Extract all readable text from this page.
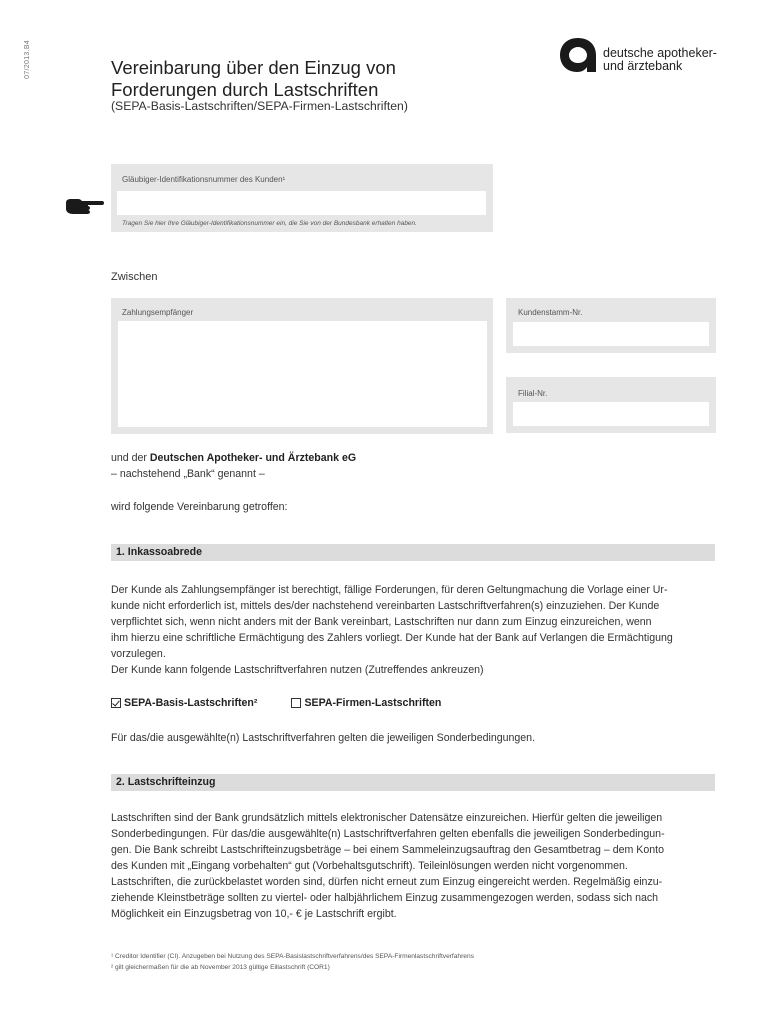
07/2013.B4	Vereinbarung über den Einzug von
Forderungen durch Lastschriften
(SEPA-Basis-Lastschriften/SEPA-Firmen-Lastschriften)
deutsche apotheker-
und ärztebank
Gläubiger-Identifikationsnummer des Kunden¹
Tragen Sie hier Ihre Gläubiger-Identifikationsnummer ein, die Sie von der Bundesbank erhalten haben.
Zwischen
Zahlungsempfänger	Kundenstamm-Nr.
Filial-Nr.
und der Deutschen Apotheker- und Ärztebank eG
– nachstehend „Bank“ genannt –
wird folgende Vereinbarung getroffen:
1. Inkassoabrede
Der Kunde als Zahlungsempfänger ist berechtigt, fällige Forderungen, für deren Geltungmachung die Vorlage einer Ur-
kunde nicht erforderlich ist, mittels des/der nachstehend vereinbarten Lastschriftverfahren(s) einzuziehen. Der Kunde
verpflichtet sich, wenn nicht anders mit der Bank vereinbart, Lastschriften nur dann zum Einzug einzureichen, wenn
ihm hierzu eine schriftliche Ermächtigung des Zahlers vorliegt. Der Kunde hat der Bank auf Verlangen die Ermächtigung
vorzulegen.
Der Kunde kann folgende Lastschriftverfahren nutzen (Zutreffendes ankreuzen)
SEPA-Basis-Lastschriften²	SEPA-Firmen-Lastschriften
Für das/die ausgewählte(n) Lastschriftverfahren gelten die jeweiligen Sonderbedingungen.
2. Lastschrifteinzug
Lastschriften sind der Bank grundsätzlich mittels elektronischer Datensätze einzureichen. Hierfür gelten die jeweiligen
Sonderbedingungen. Für das/die ausgewählte(n) Lastschriftverfahren gelten ebenfalls die jeweiligen Sonderbedingun-
gen. Die Bank schreibt Lastschrifteinzugsbeträge – bei einem Sammeleinzugsauftrag den Gesamtbetrag – dem Konto
des Kunden mit „Eingang vorbehalten“ gut (Vorbehaltsgutschrift). Teileinlösungen werden nicht vorgenommen.
Lastschriften, die zurückbelastet worden sind, dürfen nicht erneut zum Einzug eingereicht werden. Regelmäßig einzu-
ziehende Kleinstbeträge sollten zu viertel- oder halbjährlichem Einzug zusammengezogen werden, sodass sich nach
Möglichkeit ein Einzugsbetrag von 10,- € je Lastschrift ergibt.
¹ Creditor Identifier (CI). Anzugeben bei Nutzung des SEPA-Basislastschriftverfahrens/des SEPA-Firmenlastschriftverfahrens
² gilt gleichermaßen für die ab November 2013 gültige Eillastschrift (COR1)
